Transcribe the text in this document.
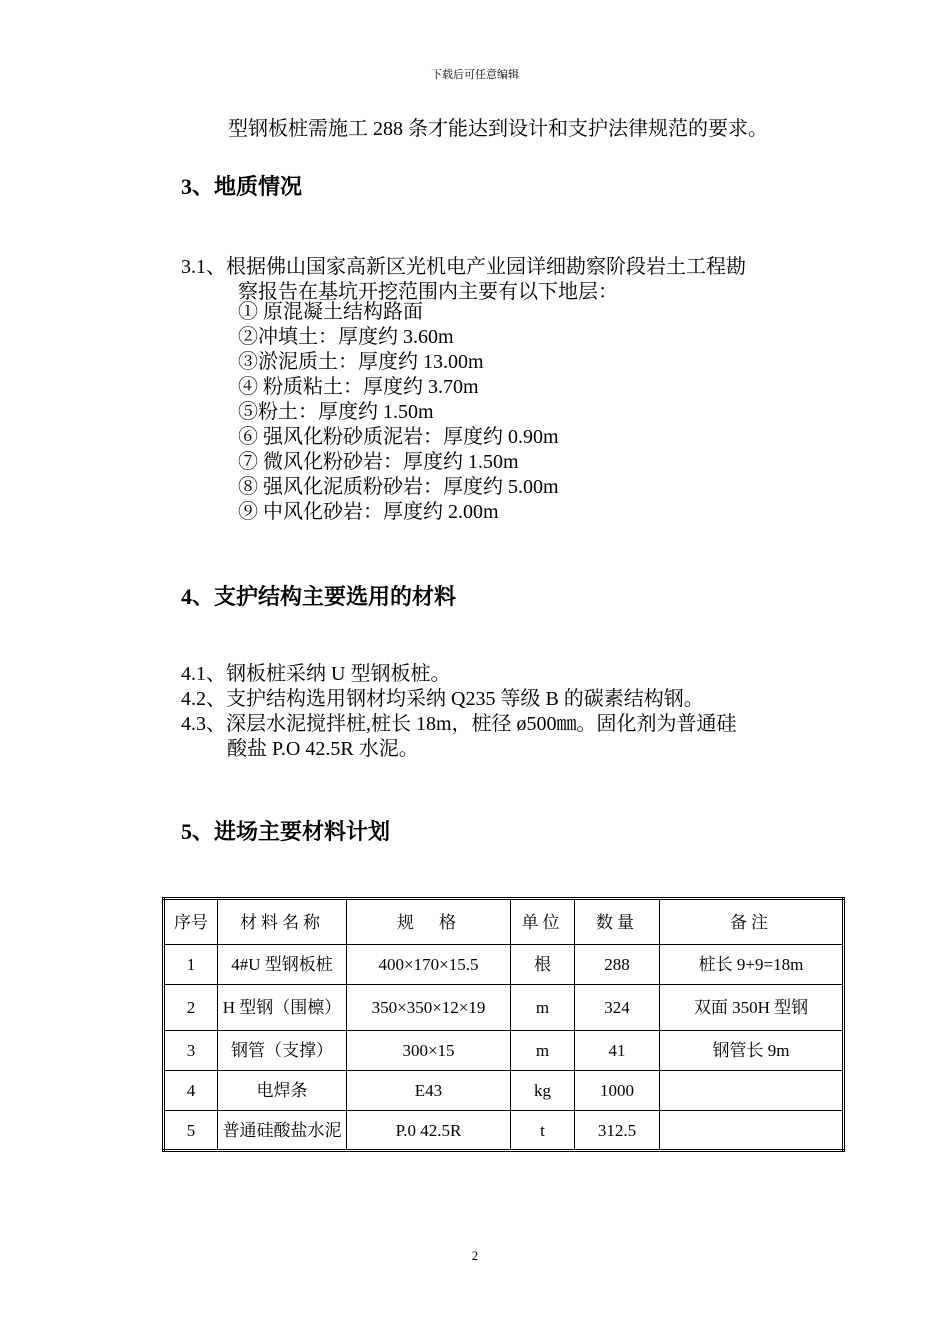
下载后可任意编辑
型钢板桩需施工 288 条才能达到设计和支护法律规范的要求。
3、地质情况
3.1、根据佛山国家高新区光机电产业园详细勘察阶段岩土工程勘
察报告在基坑开挖范围内主要有以下地层：
① 原混凝土结构路面
②冲填土：厚度约 3.60m
③淤泥质土：厚度约 13.00m
④ 粉质粘土：厚度约 3.70m
⑤粉土：厚度约 1.50m
⑥ 强风化粉砂质泥岩：厚度约 0.90m
⑦ 微风化粉砂岩：厚度约 1.50m
⑧ 强风化泥质粉砂岩：厚度约 5.00m
⑨ 中风化砂岩：厚度约 2.00m
4、支护结构主要选用的材料
4.1、钢板桩采纳 U 型钢板桩。
4.2、支护结构选用钢材均采纳 Q235 等级 B 的碳素结构钢。
4.3、深层水泥搅拌桩,桩长 18m，桩径 ø500㎜。固化剂为普通硅
酸盐 P.O 42.5R 水泥。
5、进场主要材料计划
序号	材料名称	规　格	单位	数量	备注
1	4#U 型钢板桩	400×170×15.5	根	288	桩长 9+9=18m
2	H 型钢（围檩）	350×350×12×19	m	324	双面 350H 型钢
3	钢管（支撑）	300×15	m	41	钢管长 9m
4	电焊条	E43	kg	1000	
5	普通硅酸盐水泥	P.0 42.5R	t	312.5	
2
